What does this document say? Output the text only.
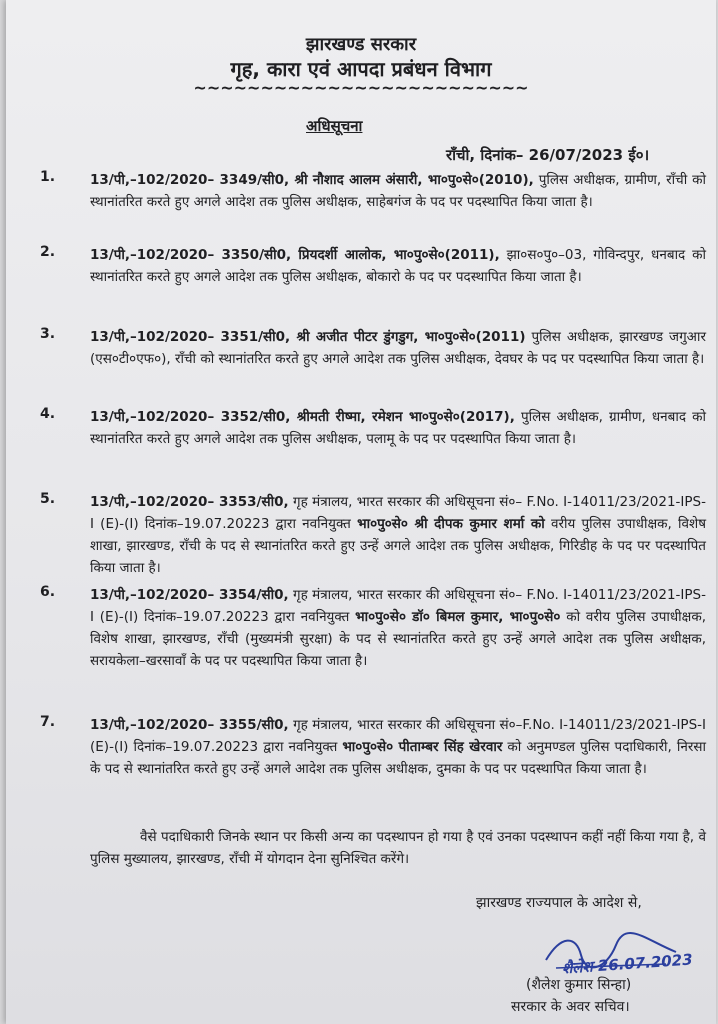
झारखण्ड सरकार
गृह, कारा एवं आपदा प्रबंधन विभाग
~~~~~~~~~~~~~~~~~~~~~~~~~
अधिसूचना
राँची, दिनांक– 26/07/2023 ई०।
1.	13/पी,–102/2020– 3349/सी0, श्री नौशाद आलम अंसारी, भा०पु०से०(2010), पुलिस अधीक्षक, ग्रामीण, राँची को स्थानांतरित करते हुए अगले आदेश तक पुलिस अधीक्षक, साहेबगंज के पद पर पदस्थापित किया जाता है।
2.	13/पी,–102/2020– 3350/सी0, प्रियदर्शी आलोक, भा०पु०से०(2011), झा०स०पु०–03, गोविन्दपुर, धनबाद को स्थानांतरित करते हुए अगले आदेश तक पुलिस अधीक्षक, बोकारो के पद पर पदस्थापित किया जाता है।
3.	13/पी,–102/2020– 3351/सी0, श्री अजीत पीटर डुंगडुग, भा०पु०से०(2011) पुलिस अधीक्षक, झारखण्ड जगुआर (एस०टी०एफ०), राँची को स्थानांतरित करते हुए अगले आदेश तक पुलिस अधीक्षक, देवघर के पद पर पदस्थापित किया जाता है।
4.	13/पी,–102/2020– 3352/सी0, श्रीमती रीष्मा, रमेशन भा०पु०से०(2017), पुलिस अधीक्षक, ग्रामीण, धनबाद को स्थानांतरित करते हुए अगले आदेश तक पुलिस अधीक्षक, पलामू के पद पर पदस्थापित किया जाता है।
5.	13/पी,–102/2020– 3353/सी0, गृह मंत्रालय, भारत सरकार की अधिसूचना सं०– F.No. I-14011/23/2021-IPS-I (E)-(I) दिनांक–19.07.20223 द्वारा नवनियुक्त भा०पु०से० श्री दीपक कुमार शर्मा को वरीय पुलिस उपाधीक्षक, विशेष शाखा, झारखण्ड, राँची के पद से स्थानांतरित करते हुए उन्हें अगले आदेश तक पुलिस अधीक्षक, गिरिडीह के पद पर पदस्थापित किया जाता है।
6.	13/पी,–102/2020– 3354/सी0, गृह मंत्रालय, भारत सरकार की अधिसूचना सं०– F.No. I-14011/23/2021-IPS-I (E)-(I) दिनांक–19.07.20223 द्वारा नवनियुक्त भा०पु०से० डॉ० बिमल कुमार, भा०पु०से० को वरीय पुलिस उपाधीक्षक, विशेष शाखा, झारखण्ड, राँची (मुख्यमंत्री सुरक्षा) के पद से स्थानांतरित करते हुए उन्हें अगले आदेश तक पुलिस अधीक्षक, सरायकेला–खरसावाँ के पद पर पदस्थापित किया जाता है।
7.	13/पी,–102/2020– 3355/सी0, गृह मंत्रालय, भारत सरकार की अधिसूचना सं०–F.No. I-14011/23/2021-IPS-I (E)-(I) दिनांक–19.07.20223 द्वारा नवनियुक्त भा०पु०से० पीताम्बर सिंह खेरवार को अनुमण्डल पुलिस पदाधिकारी, निरसा के पद से स्थानांतरित करते हुए उन्हें अगले आदेश तक पुलिस अधीक्षक, दुमका के पद पर पदस्थापित किया जाता है।
वैसे पदाधिकारी जिनके स्थान पर किसी अन्य का पदस्थापन हो गया है एवं उनका पदस्थापन कहीं नहीं किया गया है, वे पुलिस मुख्यालय, झारखण्ड, राँची में योगदान देना सुनिश्चित करेंगे।
झारखण्ड राज्यपाल के आदेश से,
शैलेश 26.07.2023
(शैलेश कुमार सिन्हा)
सरकार के अवर सचिव।
